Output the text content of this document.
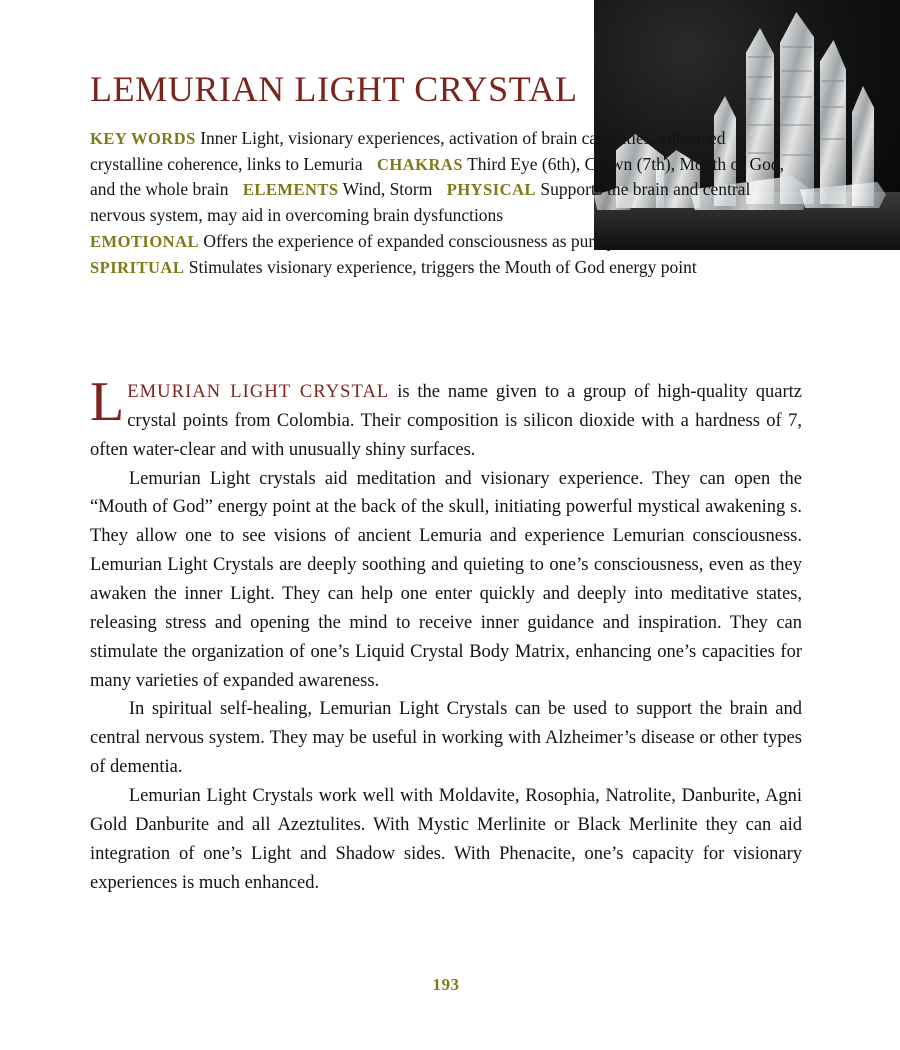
LEMURIAN LIGHT CRYSTAL
KEY WORDS Inner Light, visionary experiences, activation of brain capacities, enhanced crystalline coherence, links to Lemuria CHAKRAS Third Eye (6th), Crown (7th), Mouth of God, and the whole brain ELEMENTS Wind, Storm PHYSICAL Supports the brain and central nervous system, may aid in overcoming brain dysfunctions
EMOTIONAL Offers the experience of expanded consciousness as pure pleasure
SPIRITUAL Stimulates visionary experience, triggers the Mouth of God energy point

LEMURIAN LIGHT CRYSTAL is the name given to a group of high-quality quartz crystal points from Colombia. Their composition is silicon dioxide with a hardness of 7, often water-clear and with unusually shiny surfaces.

Lemurian Light crystals aid meditation and visionary experience. They can open the “Mouth of God” energy point at the back of the skull, initiating powerful mystical awakening s. They allow one to see visions of ancient Lemuria and experience Lemurian consciousness. Lemurian Light Crystals are deeply soothing and quieting to one’s consciousness, even as they awaken the inner Light. They can help one enter quickly and deeply into meditative states, releasing stress and opening the mind to receive inner guidance and inspiration. They can stimulate the organization of one’s Liquid Crystal Body Matrix, enhancing one’s capacities for many varieties of expanded awareness.

In spiritual self-healing, Lemurian Light Crystals can be used to support the brain and central nervous system. They may be useful in working with Alzheimer’s disease or other types of dementia.

Lemurian Light Crystals work well with Moldavite, Rosophia, Natrolite, Danburite, Agni Gold Danburite and all Azeztulites. With Mystic Merlinite or Black Merlinite they can aid integration of one’s Light and Shadow sides. With Phenacite, one’s capacity for visionary experiences is much enhanced.

193
